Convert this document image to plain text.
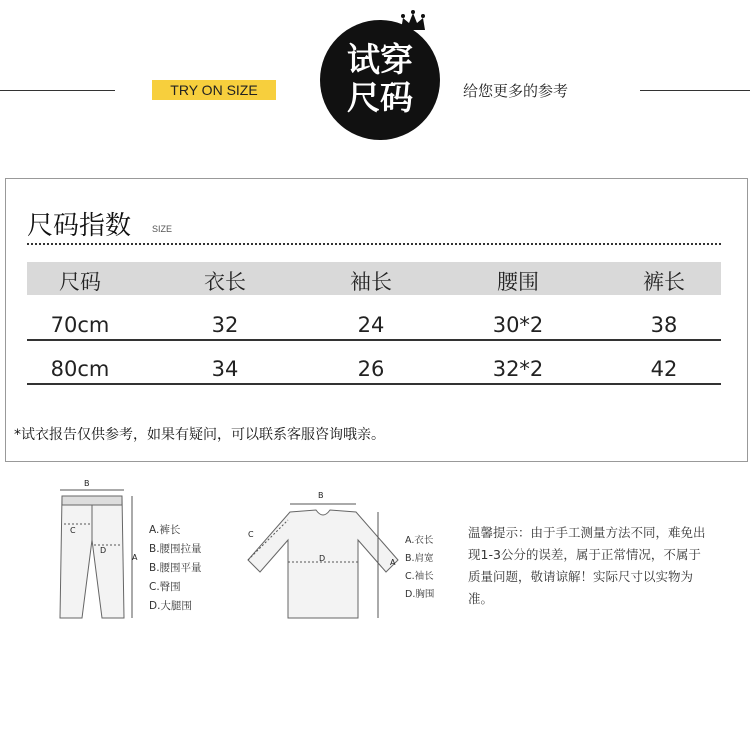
TRY ON SIZE
试穿
尺码	给您更多的参考
尺码指数 SIZE
尺码	衣长	袖长	腰围	裤长
70cm	32	24	30*2	38
80cm	34	26	32*2	42
*试衣报告仅供参考，如果有疑问，可以联系客服咨询哦亲。
B
C
D
A
A.裤长
B.腰围拉量
B.腰围平量
C.臀围
D.大腿围
B
C
D	A
A.衣长
B.肩宽
C.袖长
D.胸围
温馨提示：由于手工测量方法不同，难免出现1-3公分的误差，属于正常情况，不属于质量问题，敬请谅解！实际尺寸以实物为准。
